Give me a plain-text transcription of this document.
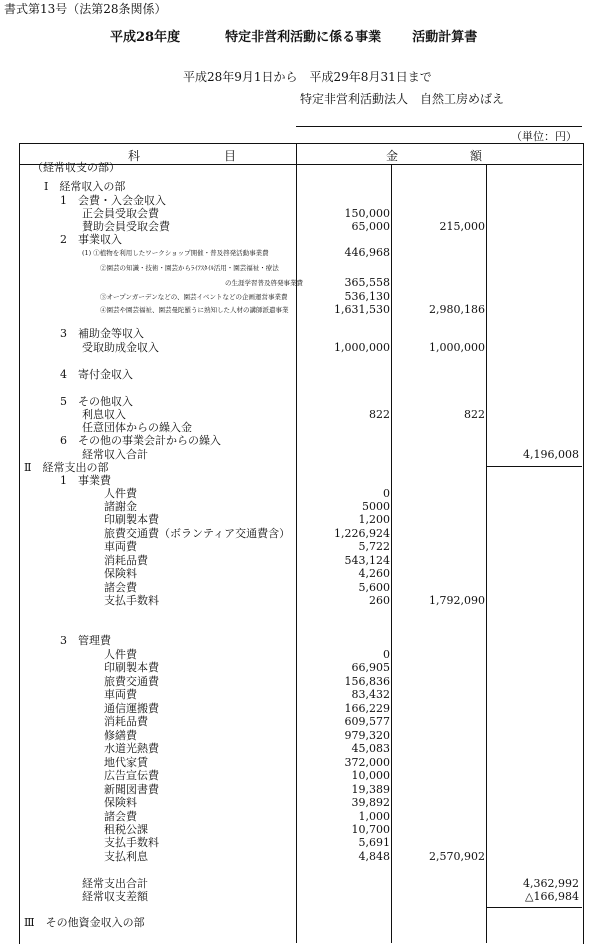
書式第13号（法第28条関係）
平成28年度	特定非営利活動に係る事業 活動計算書
平成28年9月1日から　平成29年8月31日まで
特定非営利活動法人　自然工房めばえ
（単位：円）
科　　　　　　　目	金　　　　　　額
（経常収支の部）
Ⅰ　経常収入の部
1　会費・入会金収入
正会員受取会費	150,000
賛助会員受取会費	65,000	215,000
2　事業収入
(1) ①植物を利用したワークショップ開催・普及啓発活動事業費	446,968
②園芸の知識・技術・園芸からﾗｲﾌｽﾀｲﾙ活用・園芸福祉・療法
の生涯学習普及啓発事業費	365,558
③オープンガーデンなどの、園芸イベントなどの企画運営事業費	536,130
④園芸や園芸福祉、園芸曼陀羅うに熟知した人材の講師派遣事業	1,631,530	2,980,186
3　補助金等収入
受取助成金収入	1,000,000	1,000,000
4　寄付金収入
5　その他収入
利息収入	822	822
任意団体からの繰入金
6　その他の事業会計からの繰入
経常収入合計	4,196,008
Ⅱ　経常支出の部
1　事業費
人件費	0
諸謝金	5000
印刷製本費	1,200
旅費交通費（ボランティア交通費含）	1,226,924
車両費	5,722
消耗品費	543,124
保険料	4,260
諸会費	5,600
支払手数料	260	1,792,090
3　管理費
人件費	0
印刷製本費	66,905
旅費交通費	156,836
車両費	83,432
通信運搬費	166,229
消耗品費	609,577
修繕費	979,320
水道光熱費	45,083
地代家賃	372,000
広告宣伝費	10,000
新聞図書費	19,389
保険料	39,892
諸会費	1,000
租税公課	10,700
支払手数料	5,691
支払利息	4,848	2,570,902
経常支出合計	4,362,992
経常収支差額	△166,984
Ⅲ　その他資金収入の部
